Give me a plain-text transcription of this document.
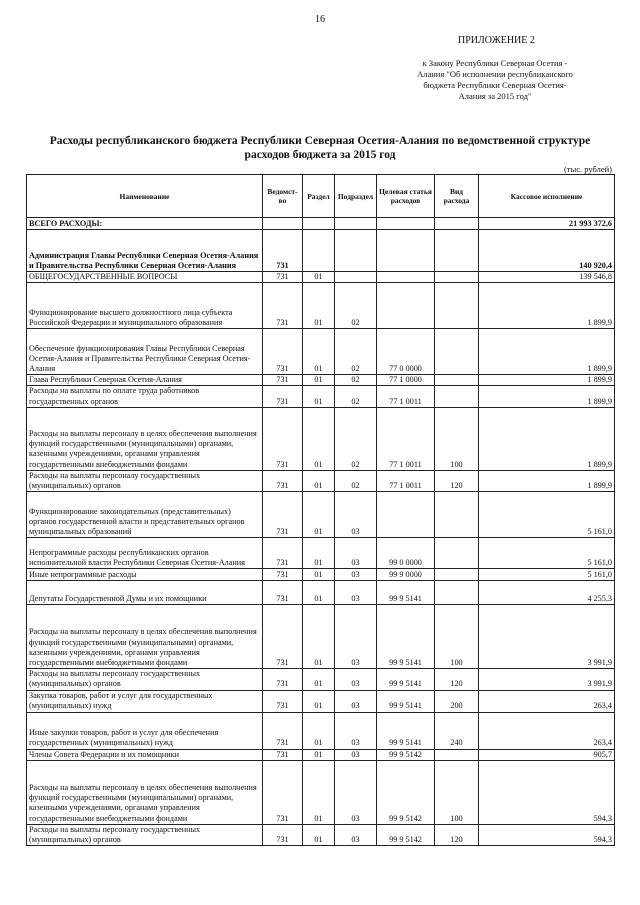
16
ПРИЛОЖЕНИЕ 2
к Закону Республики Северная Осетия -
Алания "Об исполнении республиканского
бюджета Республики Северная Осетия-
Алания за 2015 год"
Расходы республиканского бюджета Республики Северная Осетия-Алания по ведомственной структуре
расходов бюджета за 2015 год
(тыс. рублей)
Наименование	Ведомст-во	Раздел	Подраздел	Целевая статья расходов	Вид расхода	Кассовое исполнение
ВСЕГО РАСХОДЫ:						21 993 372,6
Администрация Главы Республики Северная Осетия-Алания и Правительства Республики Северная Осетия-Алания	731					140 920,4
ОБЩЕГОСУДАРСТВЕННЫЕ ВОПРОСЫ	731	01				139 546,8
Функционирование высшего должностного лица субъекта Российской Федерации и муниципального образования	731	01	02			1 899,9
Обеспечение функционирования Главы Республики Северная Осетия-Алания и Правительства Республики Северная Осетия-Алания	731	01	02	77 0 0000		1 899,9
Глава Республики Северная Осетия-Алания	731	01	02	77 1 0000		1 899,9
Расходы на выплаты по оплате труда работников государственных органов	731	01	02	77 1 0011		1 899,9
Расходы на выплаты персоналу в целях обеспечения выполнения функций государственными (муниципальными) органами, казенными учреждениями, органами управления государственными внебюджетными фондами	731	01	02	77 1 0011	100	1 899,9
Расходы на выплаты персоналу государственных (муниципальных) органов	731	01	02	77 1 0011	120	1 899,9
Функционирование законодательных (представительных) органов государственной власти и представительных органов муниципальных образований	731	01	03			5 161,0
Непрограммные расходы республиканских органов исполнительной власти Республики Северная Осетия-Алания	731	01	03	99 0 0000		5 161,0
Иные непрограммные расходы	731	01	03	99 9 0000		5 161,0
Депутаты Государственной Думы и их помощники	731	01	03	99 9 5141		4 255,3
Расходы на выплаты персоналу в целях обеспечения выполнения функций государственными (муниципальными) органами, казенными учреждениями, органами управления государственными внебюджетными фондами	731	01	03	99 9 5141	100	3 991,9
Расходы на выплаты персоналу государственных (муниципальных) органов	731	01	03	99 9 5141	120	3 991,9
Закупка товаров, работ и услуг для государственных (муниципальных) нужд	731	01	03	99 9 5141	200	263,4
Иные закупки товаров, работ и услуг для обеспечения государственных (муниципальных) нужд	731	01	03	99 9 5141	240	263,4
Члены Совета Федерации и их помощники	731	01	03	99 9 5142		905,7
Расходы на выплаты персоналу в целях обеспечения выполнения функций государственными (муниципальными) органами, казенными учреждениями, органами управления государственными внебюджетными фондами	731	01	03	99 9 5142	100	594,3
Расходы на выплаты персоналу государственных (муниципальных) органов	731	01	03	99 9 5142	120	594,3
